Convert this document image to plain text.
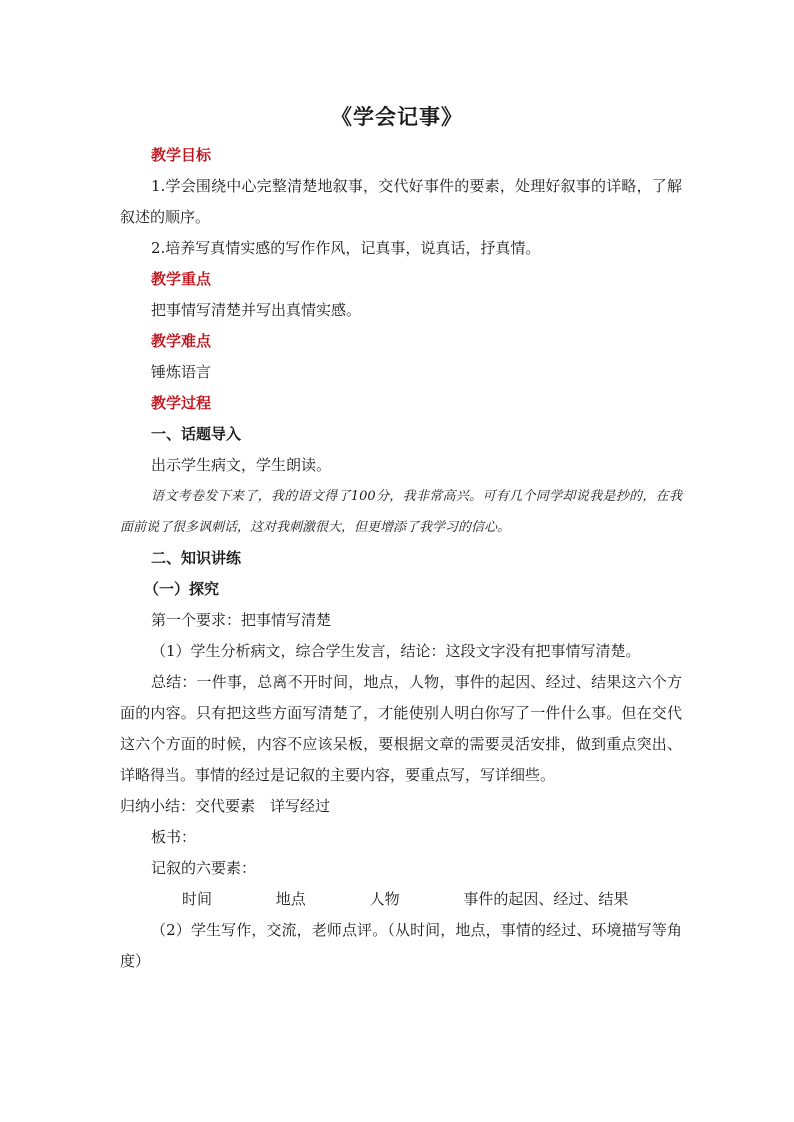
《学会记事》

教学目标

1.学会围绕中心完整清楚地叙事，交代好事件的要素，处理好叙事的详略，了解叙述的顺序。

2.培养写真情实感的写作作风，记真事，说真话，抒真情。

教学重点

把事情写清楚并写出真情实感。

教学难点

锤炼语言

教学过程

一、话题导入

出示学生病文，学生朗读。

语文考卷发下来了，我的语文得了100分，我非常高兴。可有几个同学却说我是抄的，在我面前说了很多讽刺话，这对我刺激很大，但更增添了我学习的信心。

二、知识讲练

（一）探究

第一个要求：把事情写清楚

（1）学生分析病文，综合学生发言，结论：这段文字没有把事情写清楚。

总结：一件事，总离不开时间，地点，人物，事件的起因、经过、结果这六个方面的内容。只有把这些方面写清楚了，才能使别人明白你写了一件什么事。但在交代这六个方面的时候，内容不应该呆板，要根据文章的需要灵活安排，做到重点突出、详略得当。事情的经过是记叙的主要内容，要重点写，写详细些。

归纳小结：交代要素　详写经过

板书：

记叙的六要素：

时间	地点	人物	事件的起因、经过、结果

（2）学生写作，交流，老师点评。（从时间，地点，事情的经过、环境描写等角度）
